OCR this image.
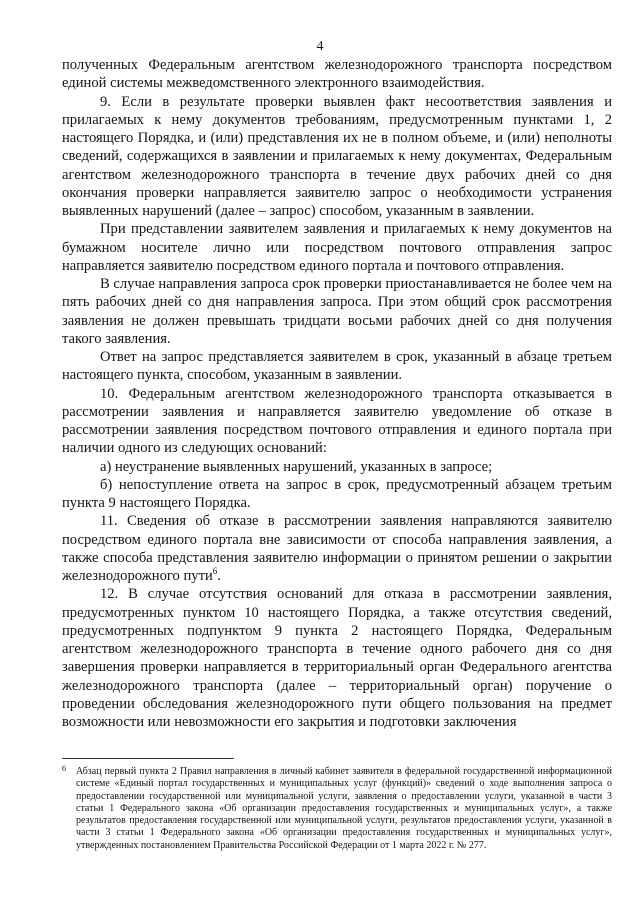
4

полученных Федеральным агентством железнодорожного транспорта посредством единой системы межведомственного электронного взаимодействия.

9. Если в результате проверки выявлен факт несоответствия заявления и прилагаемых к нему документов требованиям, предусмотренным пунктами 1, 2 настоящего Порядка, и (или) представления их не в полном объеме, и (или) неполноты сведений, содержащихся в заявлении и прилагаемых к нему документах, Федеральным агентством железнодорожного транспорта в течение двух рабочих дней со дня окончания проверки направляется заявителю запрос о необходимости устранения выявленных нарушений (далее – запрос) способом, указанным в заявлении.

При представлении заявителем заявления и прилагаемых к нему документов на бумажном носителе лично или посредством почтового отправления запрос направляется заявителю посредством единого портала и почтового отправления.

В случае направления запроса срок проверки приостанавливается не более чем на пять рабочих дней со дня направления запроса. При этом общий срок рассмотрения заявления не должен превышать тридцати восьми рабочих дней со дня получения такого заявления.

Ответ на запрос представляется заявителем в срок, указанный в абзаце третьем настоящего пункта, способом, указанным в заявлении.

10. Федеральным агентством железнодорожного транспорта отказывается в рассмотрении заявления и направляется заявителю уведомление об отказе в рассмотрении заявления посредством почтового отправления и единого портала при наличии одного из следующих оснований:

а) неустранение выявленных нарушений, указанных в запросе;

б) непоступление ответа на запрос в срок, предусмотренный абзацем третьим пункта 9 настоящего Порядка.

11. Сведения об отказе в рассмотрении заявления направляются заявителю посредством единого портала вне зависимости от способа направления заявления, а также способа представления заявителю информации о принятом решении о закрытии железнодорожного пути$^6$.

12. В случае отсутствия оснований для отказа в рассмотрении заявления, предусмотренных пунктом 10 настоящего Порядка, а также отсутствия сведений, предусмотренных подпунктом 9 пункта 2 настоящего Порядка, Федеральным агентством железнодорожного транспорта в течение одного рабочего дня со дня завершения проверки направляется в территориальный орган Федерального агентства железнодорожного транспорта (далее – территориальный орган) поручение о проведении обследования железнодорожного пути общего пользования на предмет возможности или невозможности его закрытия и подготовки заключения

6 Абзац первый пункта 2 Правил направления в личный кабинет заявителя в федеральной государственной информационной системе «Единый портал государственных и муниципальных услуг (функций)» сведений о ходе выполнения запроса о предоставлении государственной или муниципальной услуги, заявления о предоставлении услуги, указанной в части 3 статьи 1 Федерального закона «Об организации предоставления государственных и муниципальных услуг», а также результатов предоставления государственной или муниципальной услуги, результатов предоставления услуги, указанной в части 3 статьи 1 Федерального закона «Об организации предоставления государственных и муниципальных услуг», утвержденных постановлением Правительства Российской Федерации от 1 марта 2022 г. № 277.
